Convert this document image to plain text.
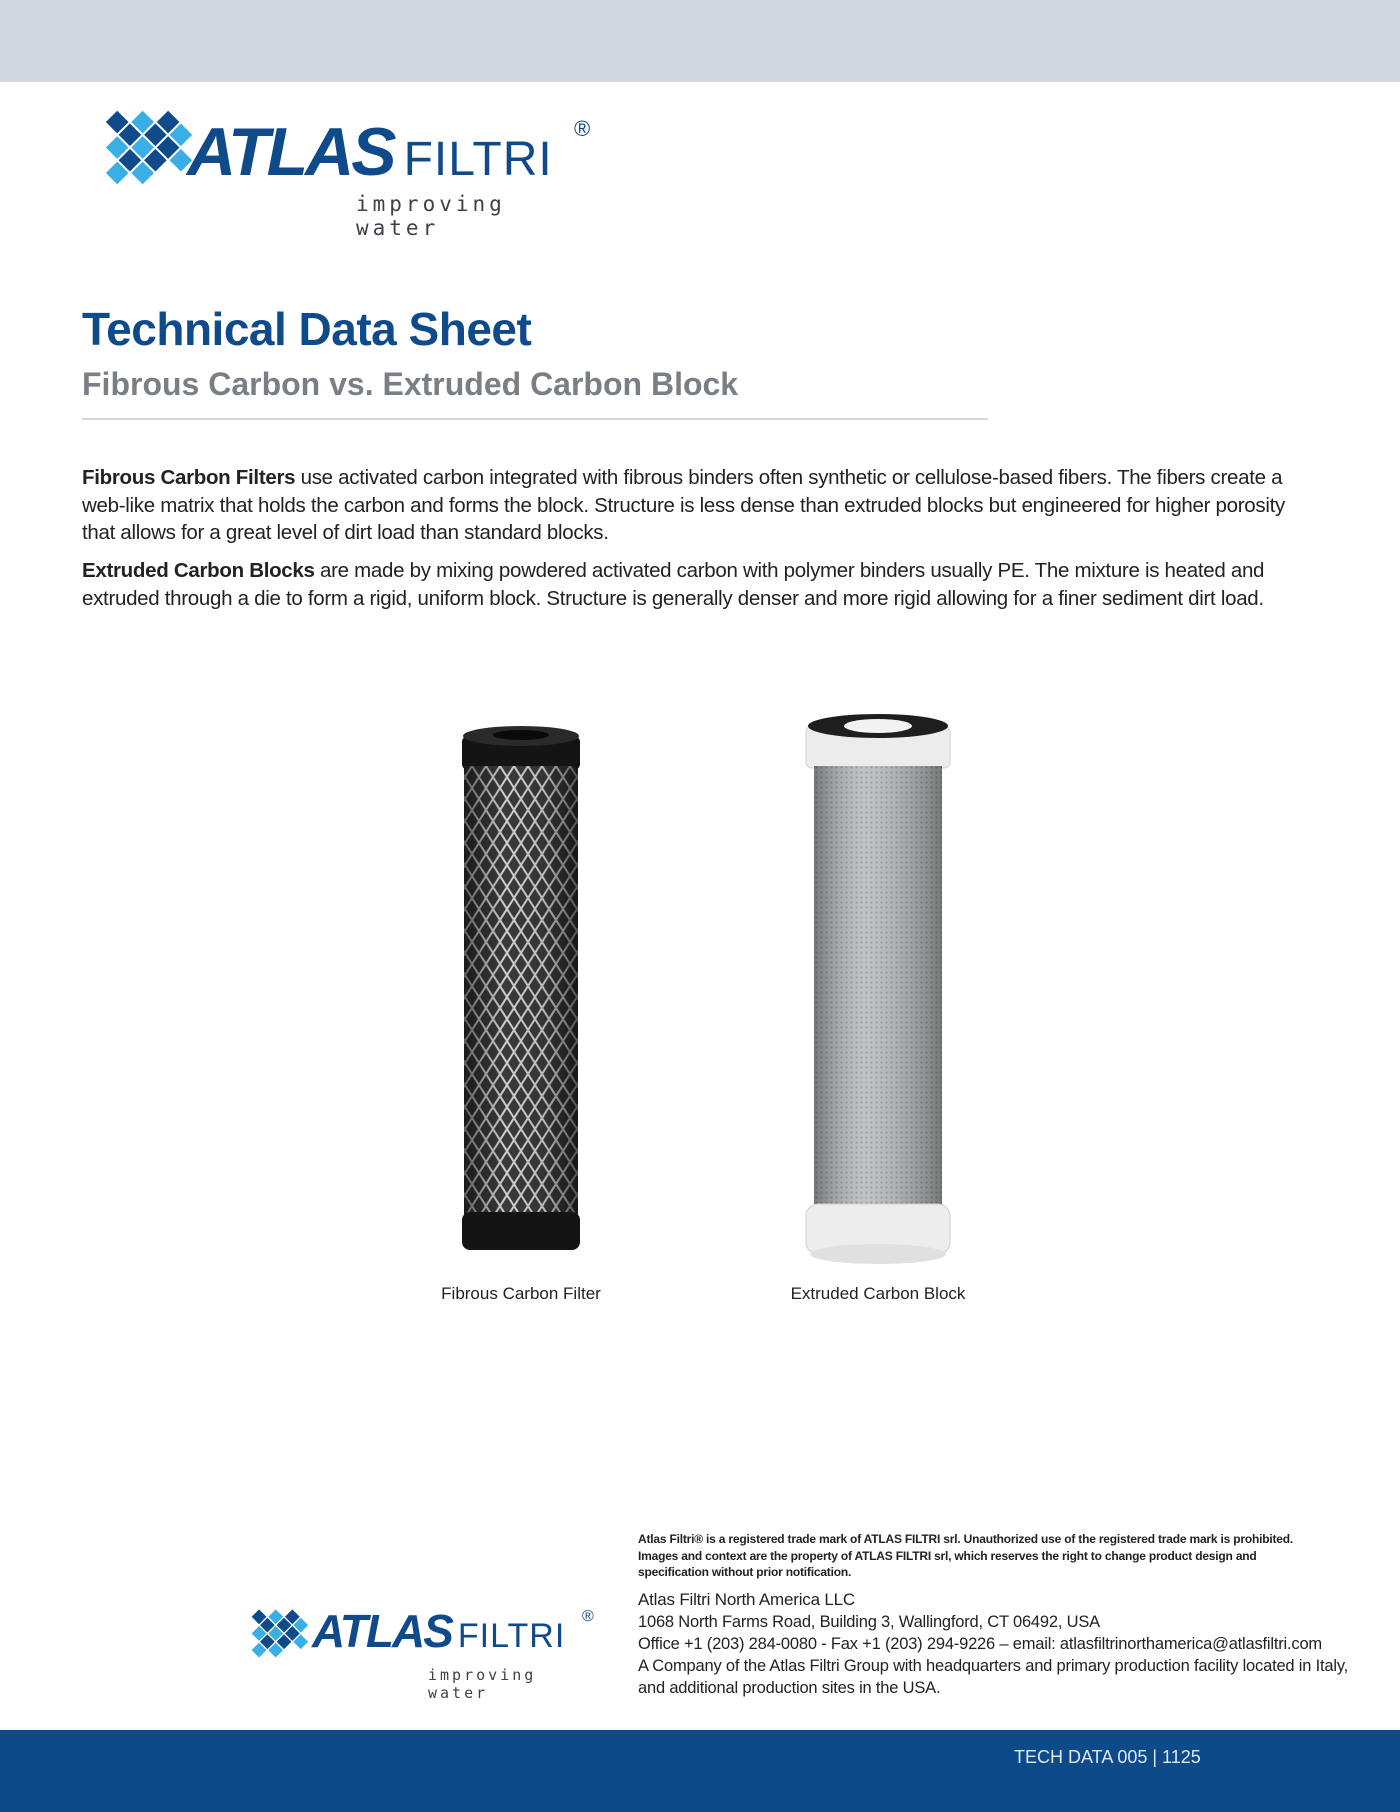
ATLAS FILTRI
®
improving water
Technical Data Sheet
Fibrous Carbon vs. Extruded Carbon Block

Fibrous Carbon Filters use activated carbon integrated with fibrous binders often synthetic or cellulose-based fibers. The fibers create a web-like matrix that holds the carbon and forms the block. Structure is less dense than extruded blocks but engineered for higher porosity that allows for a great level of dirt load than standard blocks.

Extruded Carbon Blocks are made by mixing powdered activated carbon with polymer binders usually PE. The mixture is heated and extruded through a die to form a rigid, uniform block. Structure is generally denser and more rigid allowing for a finer sediment dirt load.

Fibrous Carbon Filter	Extruded Carbon Block
ATLAS FILTRI
®
improving water

Atlas Filtri® is a registered trade mark of ATLAS FILTRI srl. Unauthorized use of the registered trade mark is prohibited. Images and context are the property of ATLAS FILTRI srl, which reserves the right to change product design and specification without prior notification.

Atlas Filtri North America LLC
1068 North Farms Road, Building 3, Wallingford, CT 06492, USA
Office +1 (203) 284-0080 - Fax +1 (203) 294-9226 – email: atlasfiltrinorthamerica@atlasfiltri.com
A Company of the Atlas Filtri Group with headquarters and primary production facility located in Italy,
and additional production sites in the USA.
TECH DATA 005 | 1125
